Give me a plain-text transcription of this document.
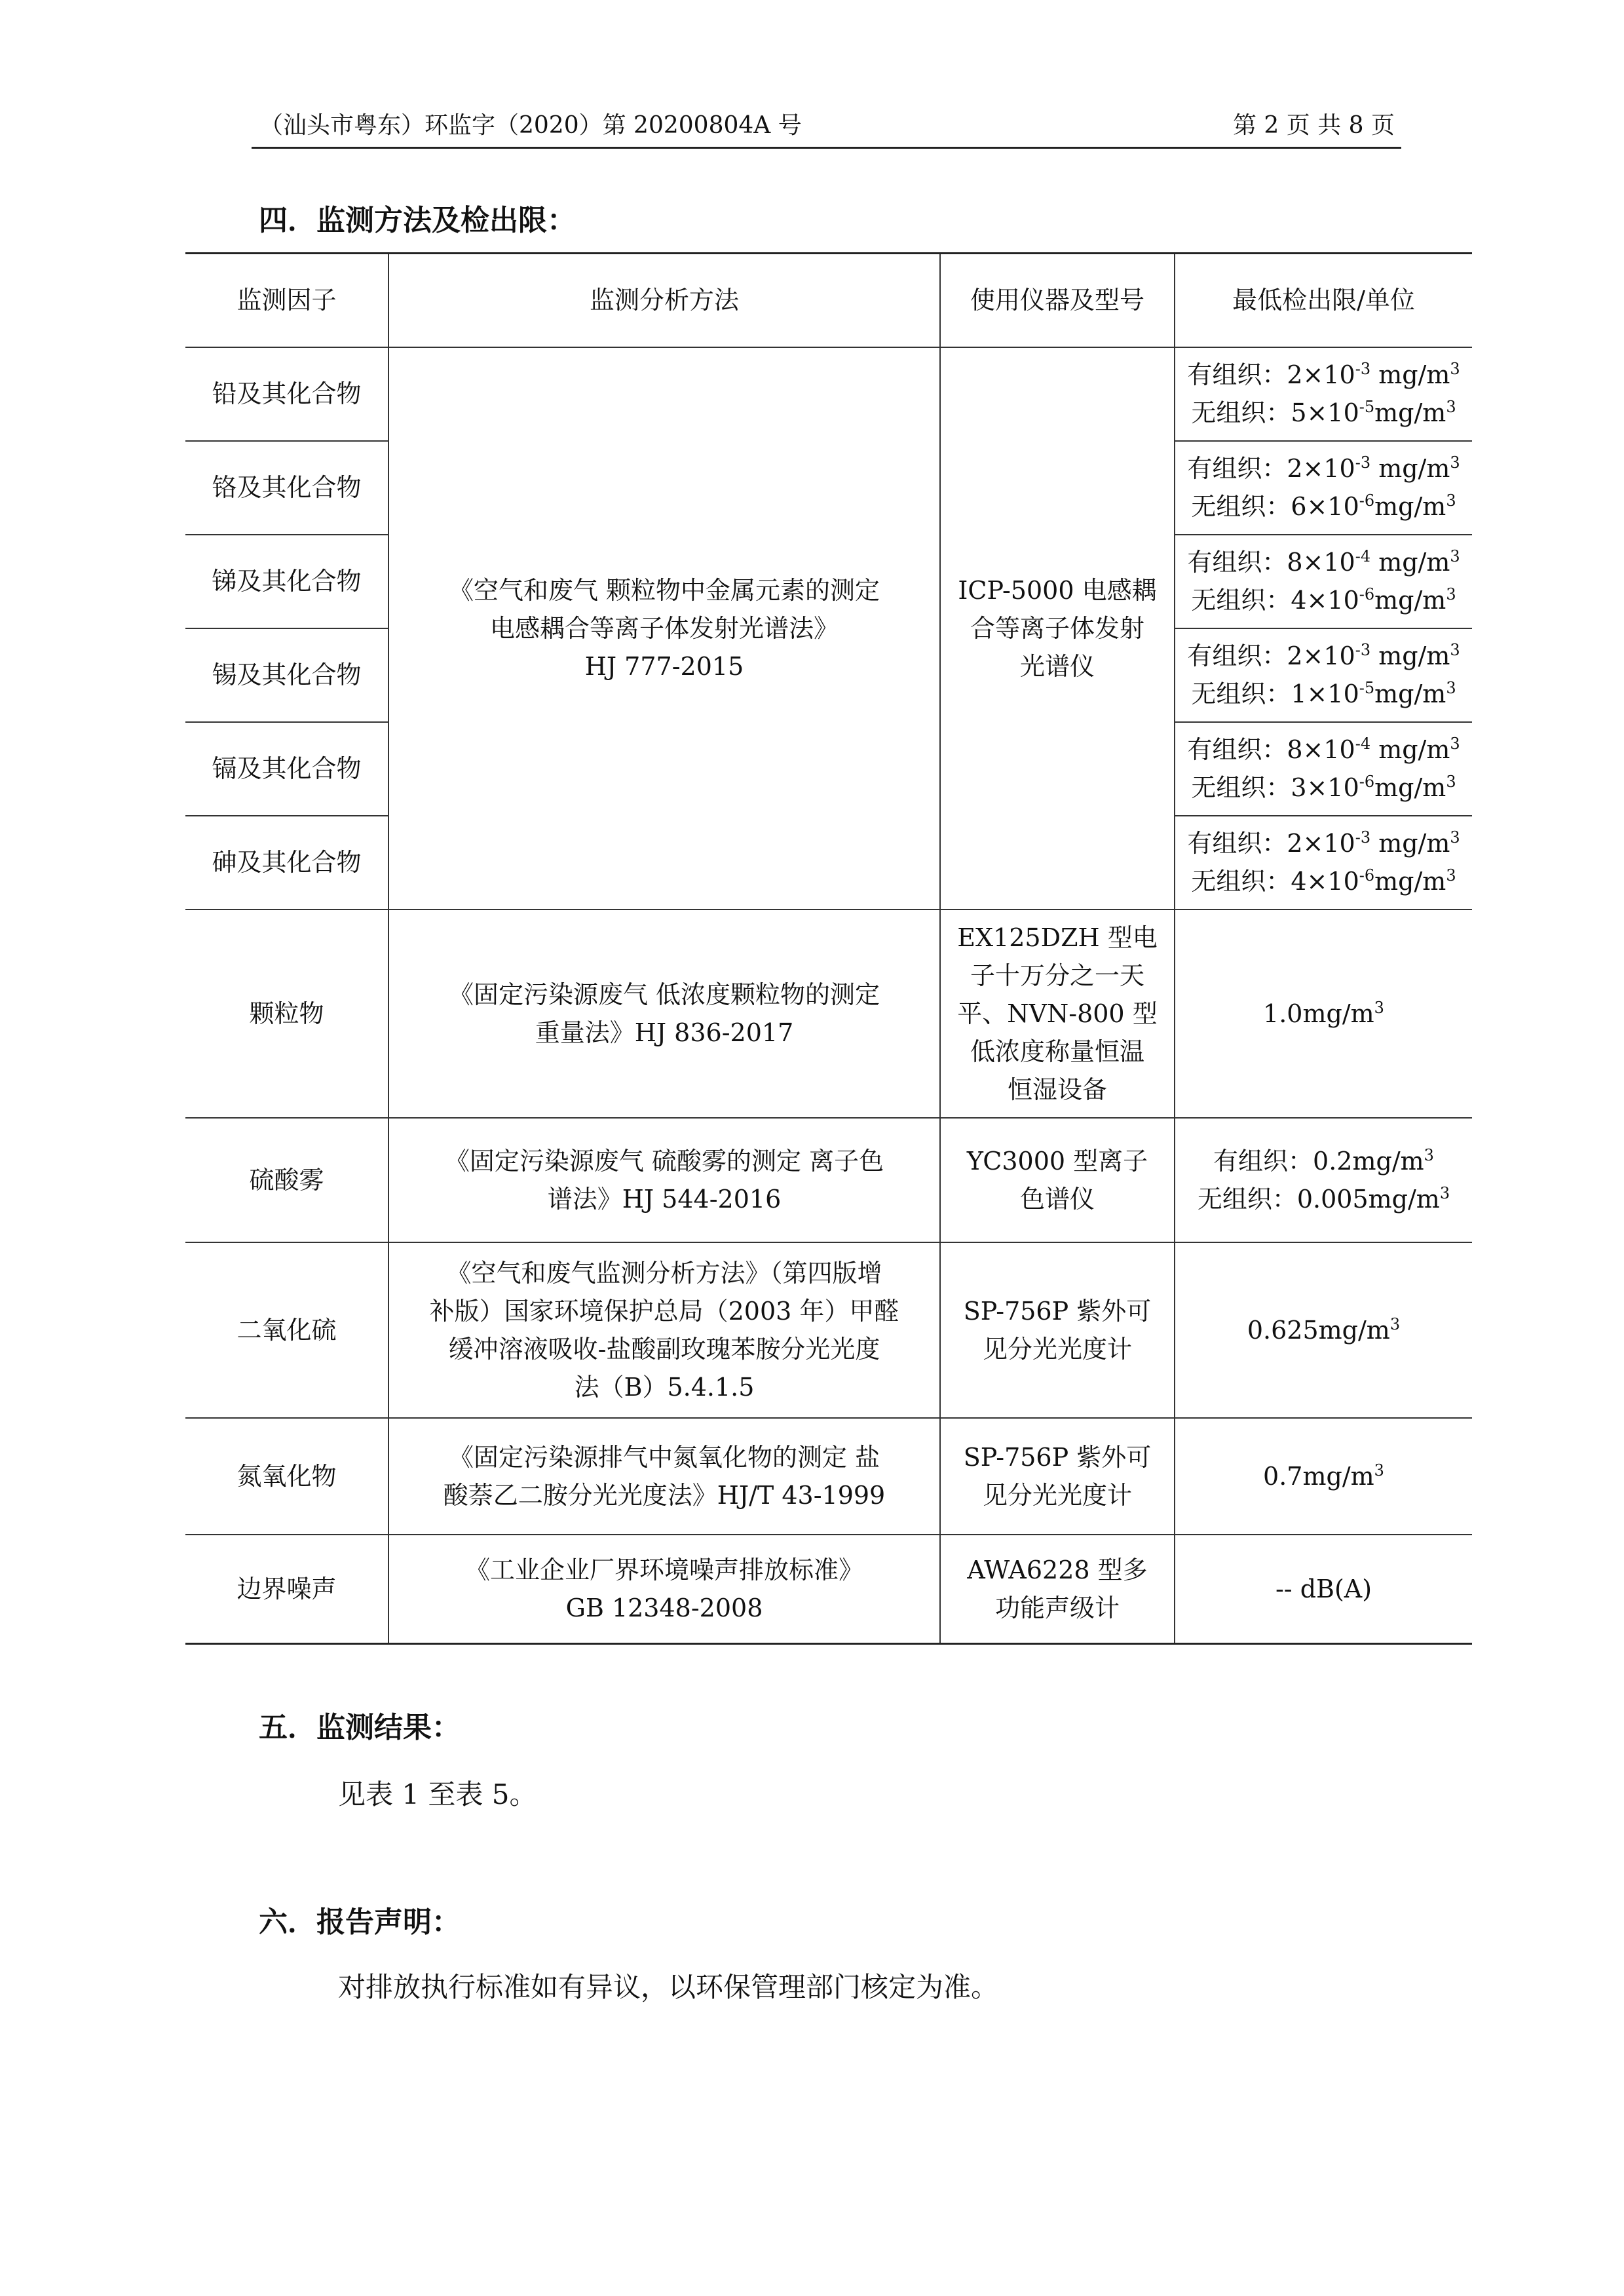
（汕头市粤东）环监字（2020）第 20200804A 号	第 2 页 共 8 页
四．监测方法及检出限：
监测因子	监测分析方法	使用仪器及型号	最低检出限/单位
铅及其化合物	《空气和废气 颗粒物中金属元素的测定
电感耦合等离子体发射光谱法》
HJ 777-2015	ICP-5000 电感耦
合等离子体发射
光谱仪	有组织：$2\times 10^{-3}$ $mg/m^3$
无组织：$5\times 10^{-5}mg/m^3$

铬及其化合物			有组织：$2\times 10^{-3}$ $mg/m^3$
无组织：$6\times 10^{-6}mg/m^3$

锑及其化合物			有组织：$8\times 10^{-4}$ $mg/m^3$
无组织：$4\times 10^{-6}mg/m^3$

锡及其化合物			有组织：$2\times 10^{-3}$ $mg/m^3$
无组织：$1\times 10^{-5}mg/m^3$

镉及其化合物			有组织：$8\times 10^{-4}$ $mg/m^3$
无组织：$3\times 10^{-6}mg/m^3$

砷及其化合物			有组织：$2\times 10^{-3}$ $mg/m^3$
无组织：$4\times 10^{-6}mg/m^3$

颗粒物	《固定污染源废气 低浓度颗粒物的测定
重量法》HJ 836-2017	EX125DZH 型电
子十万分之一天
平、NVN-800 型
低浓度称量恒温
恒湿设备	$1.0mg/m^3$
硫酸雾	《固定污染源废气 硫酸雾的测定 离子色
谱法》HJ 544-2016	YC3000 型离子
色谱仪	有组织：$0.2mg/m^3$
无组织：$0.005mg/m^3$

二氧化硫	《空气和废气监测分析方法》（第四版增
补版）国家环境保护总局（2003 年）甲醛
缓冲溶液吸收-盐酸副玫瑰苯胺分光光度
法（B）5.4.1.5	SP-756P 紫外可
见分光光度计	$0.625mg/m^3$
氮氧化物	《固定污染源排气中氮氧化物的测定 盐
酸萘乙二胺分光光度法》HJ/T 43-1999	SP-756P 紫外可
见分光光度计	$0.7mg/m^3$
边界噪声	《工业企业厂界环境噪声排放标准》
GB 12348-2008	AWA6228 型多
功能声级计	-- dB(A)
五．监测结果：
见表 1 至表 5。
六．报告声明：
对排放执行标准如有异议，以环保管理部门核定为准。
